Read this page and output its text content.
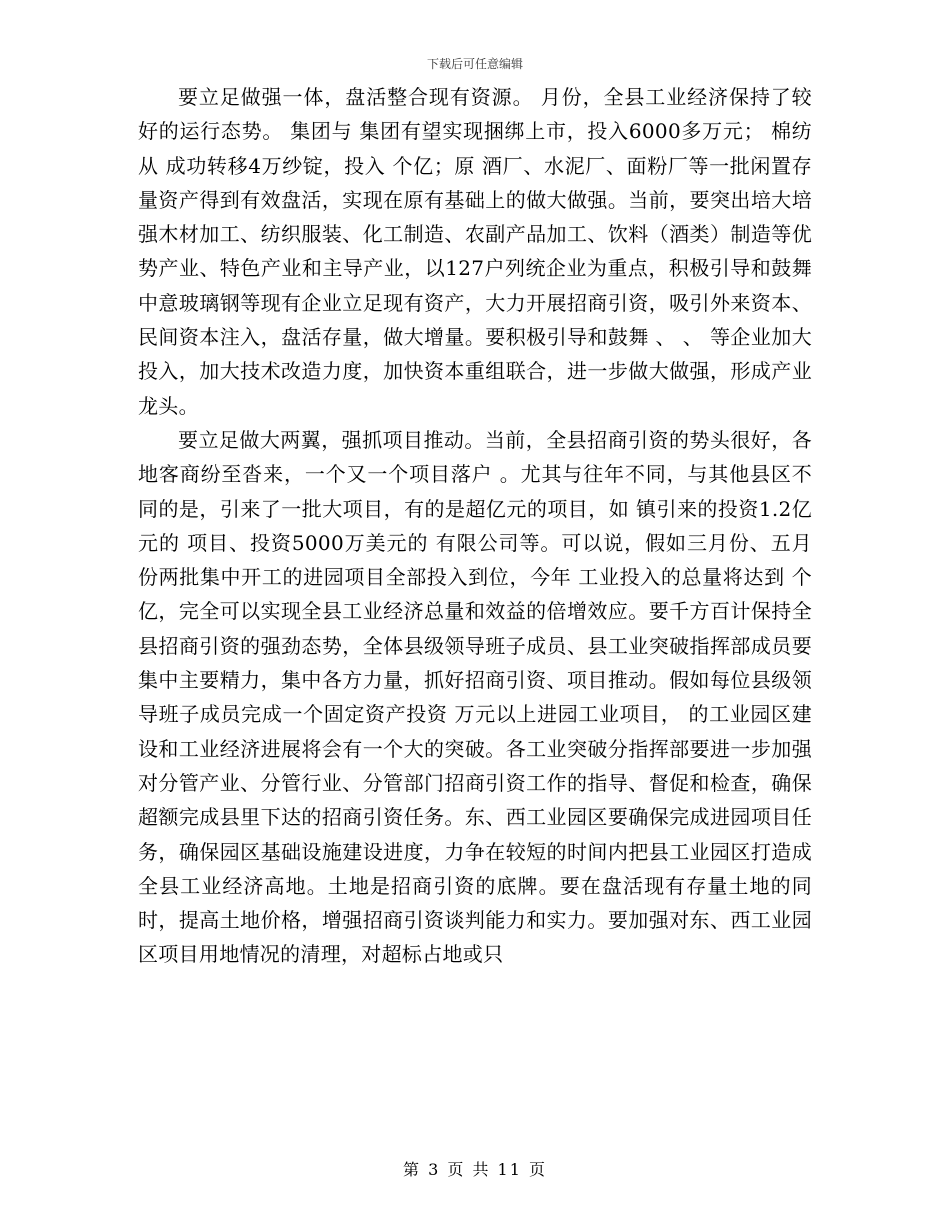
下载后可任意编辑

要立足做强一体，盘活整合现有资源。 月份，全县工业经济保持了较好的运行态势。 集团与 集团有望实现捆绑上市，投入6000多万元； 棉纺从 成功转移4万纱锭，投入 个亿；原 酒厂、水泥厂、面粉厂等一批闲置存量资产得到有效盘活，实现在原有基础上的做大做强。当前，要突出培大培强木材加工、纺织服装、化工制造、农副产品加工、饮料（酒类）制造等优势产业、特色产业和主导产业，以127户列统企业为重点，积极引导和鼓舞中意玻璃钢等现有企业立足现有资产，大力开展招商引资，吸引外来资本、民间资本注入，盘活存量，做大增量。要积极引导和鼓舞 、 、 等企业加大投入，加大技术改造力度，加快资本重组联合，进一步做大做强，形成产业龙头。

要立足做大两翼，强抓项目推动。当前，全县招商引资的势头很好，各地客商纷至沓来，一个又一个项目落户 。尤其与往年不同，与其他县区不同的是，引来了一批大项目，有的是超亿元的项目，如 镇引来的投资1.2亿元的 项目、投资5000万美元的 有限公司等。可以说，假如三月份、五月份两批集中开工的进园项目全部投入到位，今年 工业投入的总量将达到 个亿，完全可以实现全县工业经济总量和效益的倍增效应。要千方百计保持全县招商引资的强劲态势，全体县级领导班子成员、县工业突破指挥部成员要集中主要精力，集中各方力量，抓好招商引资、项目推动。假如每位县级领导班子成员完成一个固定资产投资 万元以上进园工业项目， 的工业园区建设和工业经济进展将会有一个大的突破。各工业突破分指挥部要进一步加强对分管产业、分管行业、分管部门招商引资工作的指导、督促和检查，确保超额完成县里下达的招商引资任务。东、西工业园区要确保完成进园项目任务，确保园区基础设施建设进度，力争在较短的时间内把县工业园区打造成全县工业经济高地。土地是招商引资的底牌。要在盘活现有存量土地的同时，提高土地价格，增强招商引资谈判能力和实力。要加强对东、西工业园区项目用地情况的清理，对超标占地或只

第 3 页 共 11 页
